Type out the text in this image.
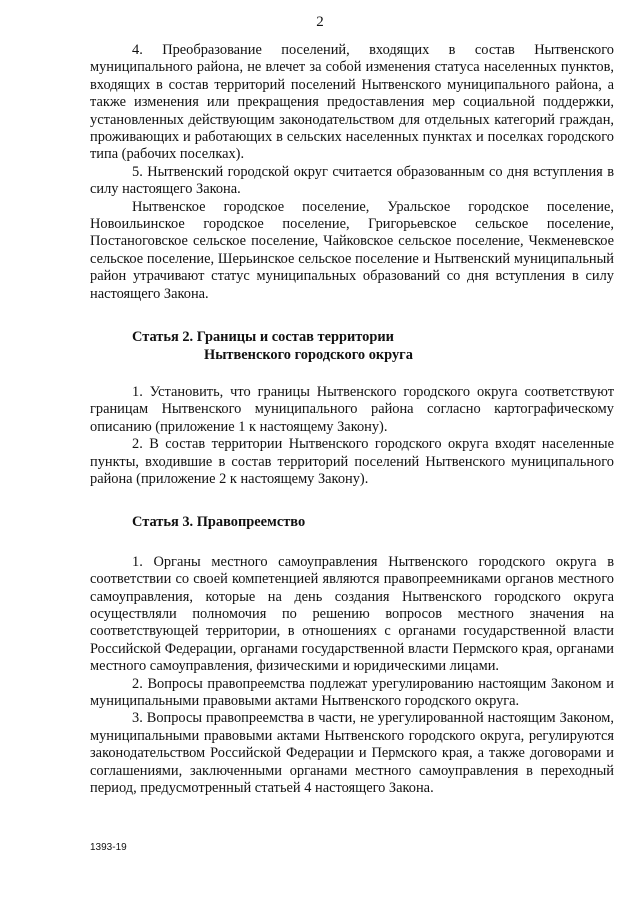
2

4. Преобразование поселений, входящих в состав Нытвенского муниципального района, не влечет за собой изменения статуса населенных пунктов, входящих в состав территорий поселений Нытвенского муниципального района, а также изменения или прекращения предоставления мер социальной поддержки, установленных действующим законодательством для отдельных категорий граждан, проживающих и работающих в сельских населенных пунктах и поселках городского типа (рабочих поселках).

5. Нытвенский городской округ считается образованным со дня вступления в силу настоящего Закона.

Нытвенское городское поселение, Уральское городское поселение, Новоильинское городское поселение, Григорьевское сельское поселение, Постаноговское сельское поселение, Чайковское сельское поселение, Чекменевское сельское поселение, Шерьинское сельское поселение и Нытвенский муниципальный район утрачивают статус муниципальных образований со дня вступления в силу настоящего Закона.

Статья 2. Границы и состав территории
Нытвенского городского округа

1. Установить, что границы Нытвенского городского округа соответствуют границам Нытвенского муниципального района согласно картографическому описанию (приложение 1 к настоящему Закону).

2. В состав территории Нытвенского городского округа входят населенные пункты, входившие в состав территорий поселений Нытвенского муниципального района (приложение 2 к настоящему Закону).

Статья 3. Правопреемство

1. Органы местного самоуправления Нытвенского городского округа в соответствии со своей компетенцией являются правопреемниками органов местного самоуправления, которые на день создания Нытвенского городского округа осуществляли полномочия по решению вопросов местного значения на соответствующей территории, в отношениях с органами государственной власти Российской Федерации, органами государственной власти Пермского края, органами местного самоуправления, физическими и юридическими лицами.

2. Вопросы правопреемства подлежат урегулированию настоящим Законом и муниципальными правовыми актами Нытвенского городского округа.

3. Вопросы правопреемства в части, не урегулированной настоящим Законом, муниципальными правовыми актами Нытвенского городского округа, регулируются законодательством Российской Федерации и Пермского края, а также договорами и соглашениями, заключенными органами местного самоуправления в переходный период, предусмотренный статьей 4 настоящего Закона.

1393-19
